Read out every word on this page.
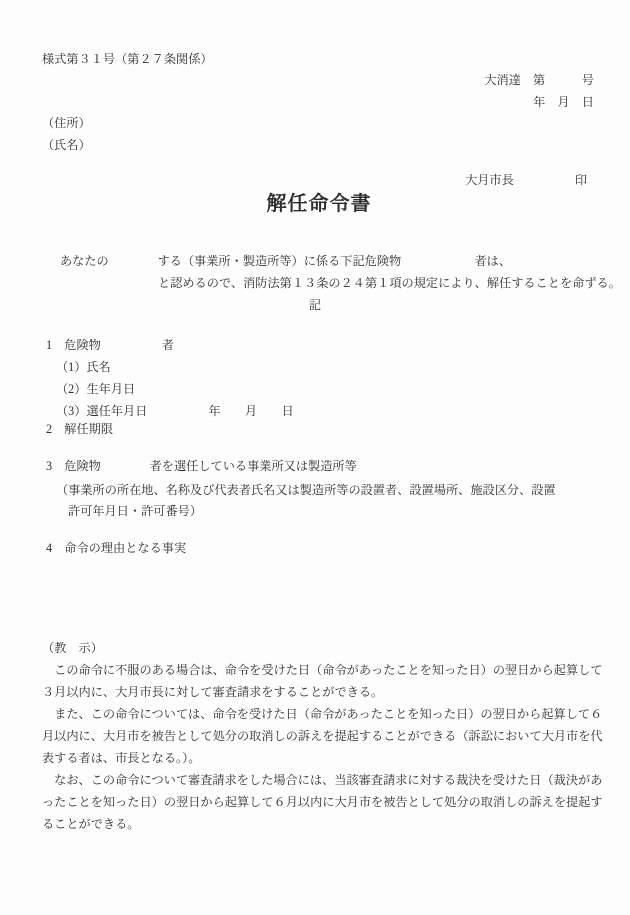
様式第３１号（第２７条関係）
大消達　第　　　号
年　月　日
（住所）
（氏名）

大月市長	印

解任命令書
あなたの　　　　する（事業所・製造所等）に係る下記危険物　　　　　　者は、
と認めるので、消防法第１３条の２４第１項の規定により、解任することを命ずる。
記
1　危険物　　　　　者
（1）氏名
（2）生年月日
（3）選任年月日　　　　　年　　月　　日
2　解任期限
3　危険物　　　　者を選任している事業所又は製造所等
（事業所の所在地、名称及び代表者氏名又は製造所等の設置者、設置場所、施設区分、設置
許可年月日・許可番号）
4　命令の理由となる事実
（教　示）
　この命令に不服のある場合は、命令を受けた日（命令があったことを知った日）の翌日から起算して
３月以内に、大月市長に対して審査請求をすることができる。
　また、この命令については、命令を受けた日（命令があったことを知った日）の翌日から起算して６
月以内に、大月市を被告として処分の取消しの訴えを提起することができる（訴訟において大月市を代
表する者は、市長となる。）。
　なお、この命令について審査請求をした場合には、当該審査請求に対する裁決を受けた日（裁決があ
ったことを知った日）の翌日から起算して６月以内に大月市を被告として処分の取消しの訴えを提起す
ることができる。
